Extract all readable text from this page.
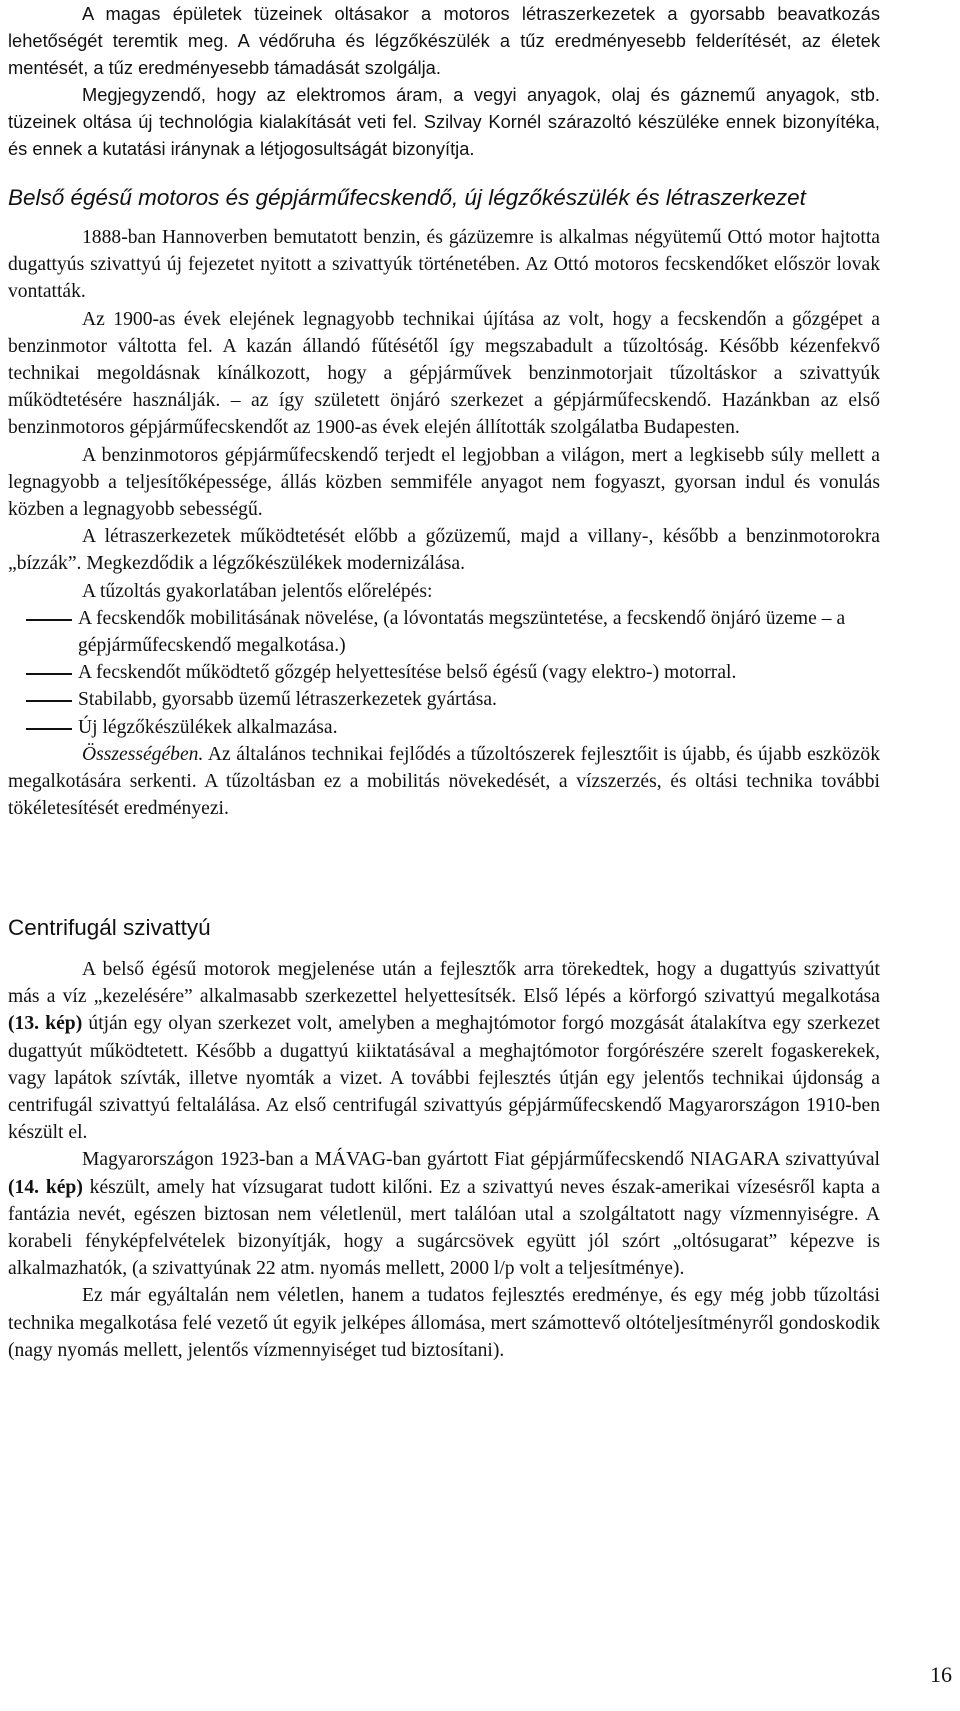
A magas épületek tüzeinek oltásakor a motoros létraszerkezetek a gyorsabb beavatkozás lehetőségét teremtik meg. A védőruha és légzőkészülék a tűz eredményesebb felderítését, az életek mentését, a tűz eredményesebb támadását szolgálja.

Megjegyzendő, hogy az elektromos áram, a vegyi anyagok, olaj és gáznemű anyagok, stb. tüzeinek oltása új technológia kialakítását veti fel. Szilvay Kornél szárazoltó készüléke ennek bizonyítéka, és ennek a kutatási iránynak a létjogosultságát bizonyítja.

Belső égésű motoros és gépjárműfecskendő, új légzőkészülék és létraszerkezet

1888-ban Hannoverben bemutatott benzin, és gázüzemre is alkalmas négyütemű Ottó motor hajtotta dugattyús szivattyú új fejezetet nyitott a szivattyúk történetében. Az Ottó motoros fecskendőket először lovak vontatták.

Az 1900-as évek elejének legnagyobb technikai újítása az volt, hogy a fecskendőn a gőzgépet a benzinmotor váltotta fel. A kazán állandó fűtésétől így megszabadult a tűzoltóság. Később kézenfekvő technikai megoldásnak kínálkozott, hogy a gépjárművek benzinmotorjait tűzoltáskor a szivattyúk működtetésére használják. – az így született önjáró szerkezet a gépjárműfecskendő. Hazánkban az első benzinmotoros gépjárműfecskendőt az 1900-as évek elején állították szolgálatba Budapesten.

A benzinmotoros gépjárműfecskendő terjedt el legjobban a világon, mert a legkisebb súly mellett a legnagyobb a teljesítőképessége, állás közben semmiféle anyagot nem fogyaszt, gyorsan indul és vonulás közben a legnagyobb sebességű.

A létraszerkezetek működtetését előbb a gőzüzemű, majd a villany-, később a benzinmotorokra „bízzák”. Megkezdődik a légzőkészülékek modernizálása.

A tűzoltás gyakorlatában jelentős előrelépés:

A fecskendők mobilitásának növelése, (a lóvontatás megszüntetése, a fecskendő önjáró üzeme – a gépjárműfecskendő megalkotása.)
A fecskendőt működtető gőzgép helyettesítése belső égésű (vagy elektro-) motorral.
Stabilabb, gyorsabb üzemű létraszerkezetek gyártása.
Új légzőkészülékek alkalmazása.

Összességében. Az általános technikai fejlődés a tűzoltószerek fejlesztőit is újabb, és újabb eszközök megalkotására serkenti. A tűzoltásban ez a mobilitás növekedését, a vízszerzés, és oltási technika további tökéletesítését eredményezi.

Centrifugál szivattyú

A belső égésű motorok megjelenése után a fejlesztők arra törekedtek, hogy a dugattyús szivattyút más a víz „kezelésére” alkalmasabb szerkezettel helyettesítsék. Első lépés a körforgó szivattyú megalkotása (13. kép) útján egy olyan szerkezet volt, amelyben a meghajtómotor forgó mozgását átalakítva egy szerkezet dugattyút működtetett. Később a dugattyú kiiktatásával a meghajtómotor forgórészére szerelt fogaskerekek, vagy lapátok szívták, illetve nyomták a vizet. A további fejlesztés útján egy jelentős technikai újdonság a centrifugál szivattyú feltalálása. Az első centrifugál szivattyús gépjárműfecskendő Magyarországon 1910-ben készült el.

Magyarországon 1923-ban a MÁVAG-ban gyártott Fiat gépjárműfecskendő NIAGARA szivattyúval (14. kép) készült, amely hat vízsugarat tudott kilőni. Ez a szivattyú neves észak-amerikai vízesésről kapta a fantázia nevét, egészen biztosan nem véletlenül, mert találóan utal a szolgáltatott nagy vízmennyiségre. A korabeli fényképfelvételek bizonyítják, hogy a sugárcsövek együtt jól szórt „oltósugarat” képezve is alkalmazhatók, (a szivattyúnak 22 atm. nyomás mellett, 2000 l/p volt a teljesítménye).

Ez már egyáltalán nem véletlen, hanem a tudatos fejlesztés eredménye, és egy még jobb tűzoltási technika megalkotása felé vezető út egyik jelképes állomása, mert számottevő oltóteljesítményről gondoskodik (nagy nyomás mellett, jelentős vízmennyiséget tud biztosítani).

16
